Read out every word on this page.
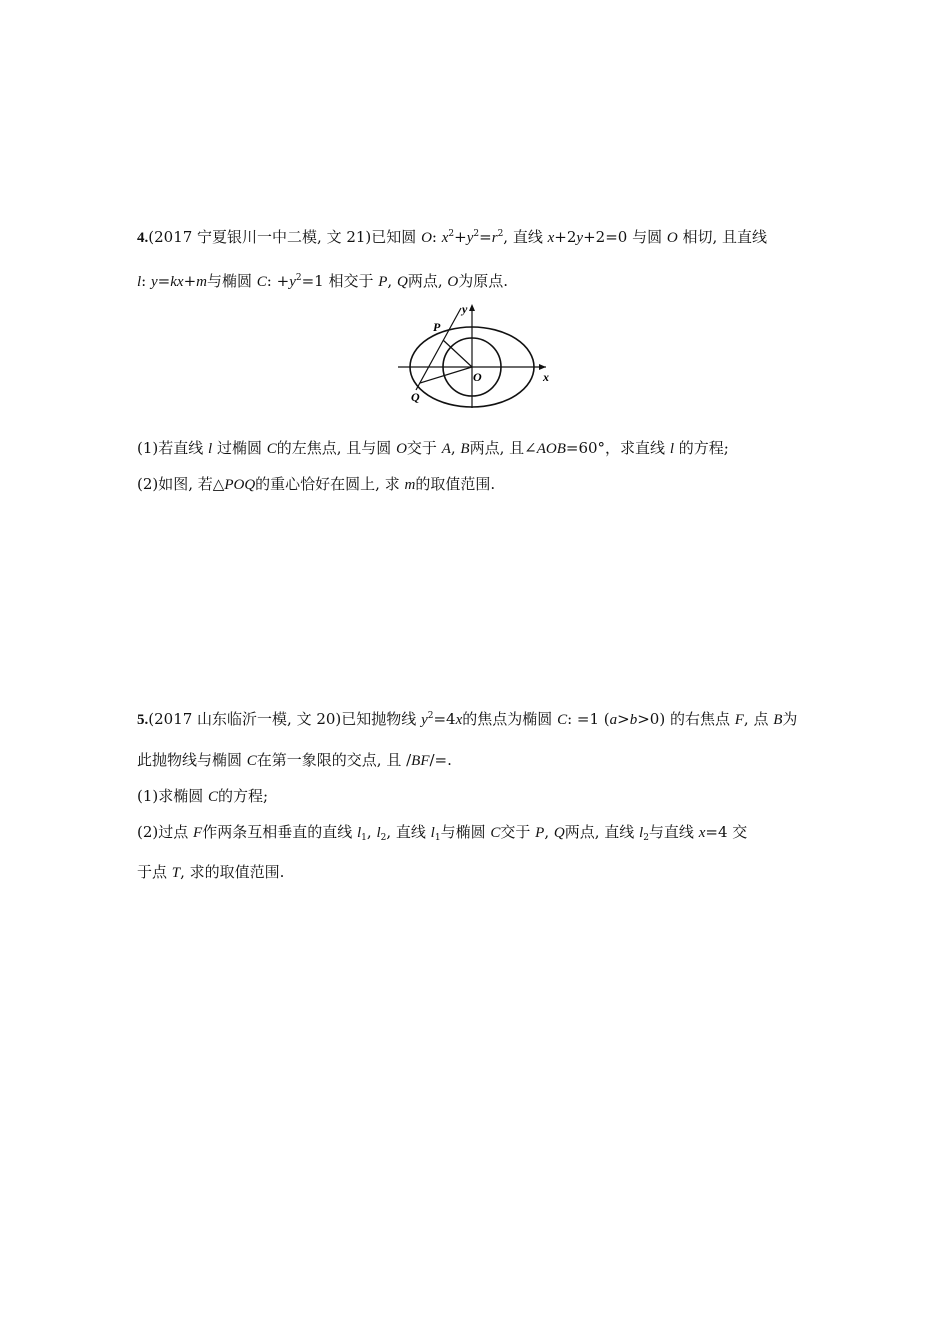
4.(2017 宁夏银川一中二模, 文 21)已知圆 O: $x^2+y^2=r^2$, 直线 x+2y+2=0 与圆 O 相切, 且直线
l: y=kx+m与椭圆 C: $+y^2=1$ 相交于 P, Q两点, O为原点.
P
Q
O	x
y
(1)若直线 l 过椭圆 C的左焦点, 且与圆 O交于 A, B两点, 且∠AOB=60°，求直线 l 的方程;
(2)如图, 若△POQ的重心恰好在圆上, 求 m的取值范围.
5.(2017 山东临沂一模, 文 20)已知抛物线 $y^2=4x$的焦点为椭圆 C: =1 (a>b>0) 的右焦点 F, 点 B为
此抛物线与椭圆 C在第一象限的交点, 且 /BF/=.
(1)求椭圆 C的方程;
(2)过点 F作两条互相垂直的直线 $l_1$, $l_2$, 直线 $l_1$与椭圆 C交于 P, Q两点, 直线 $l_2$与直线 x=4 交
于点 T, 求的取值范围.
